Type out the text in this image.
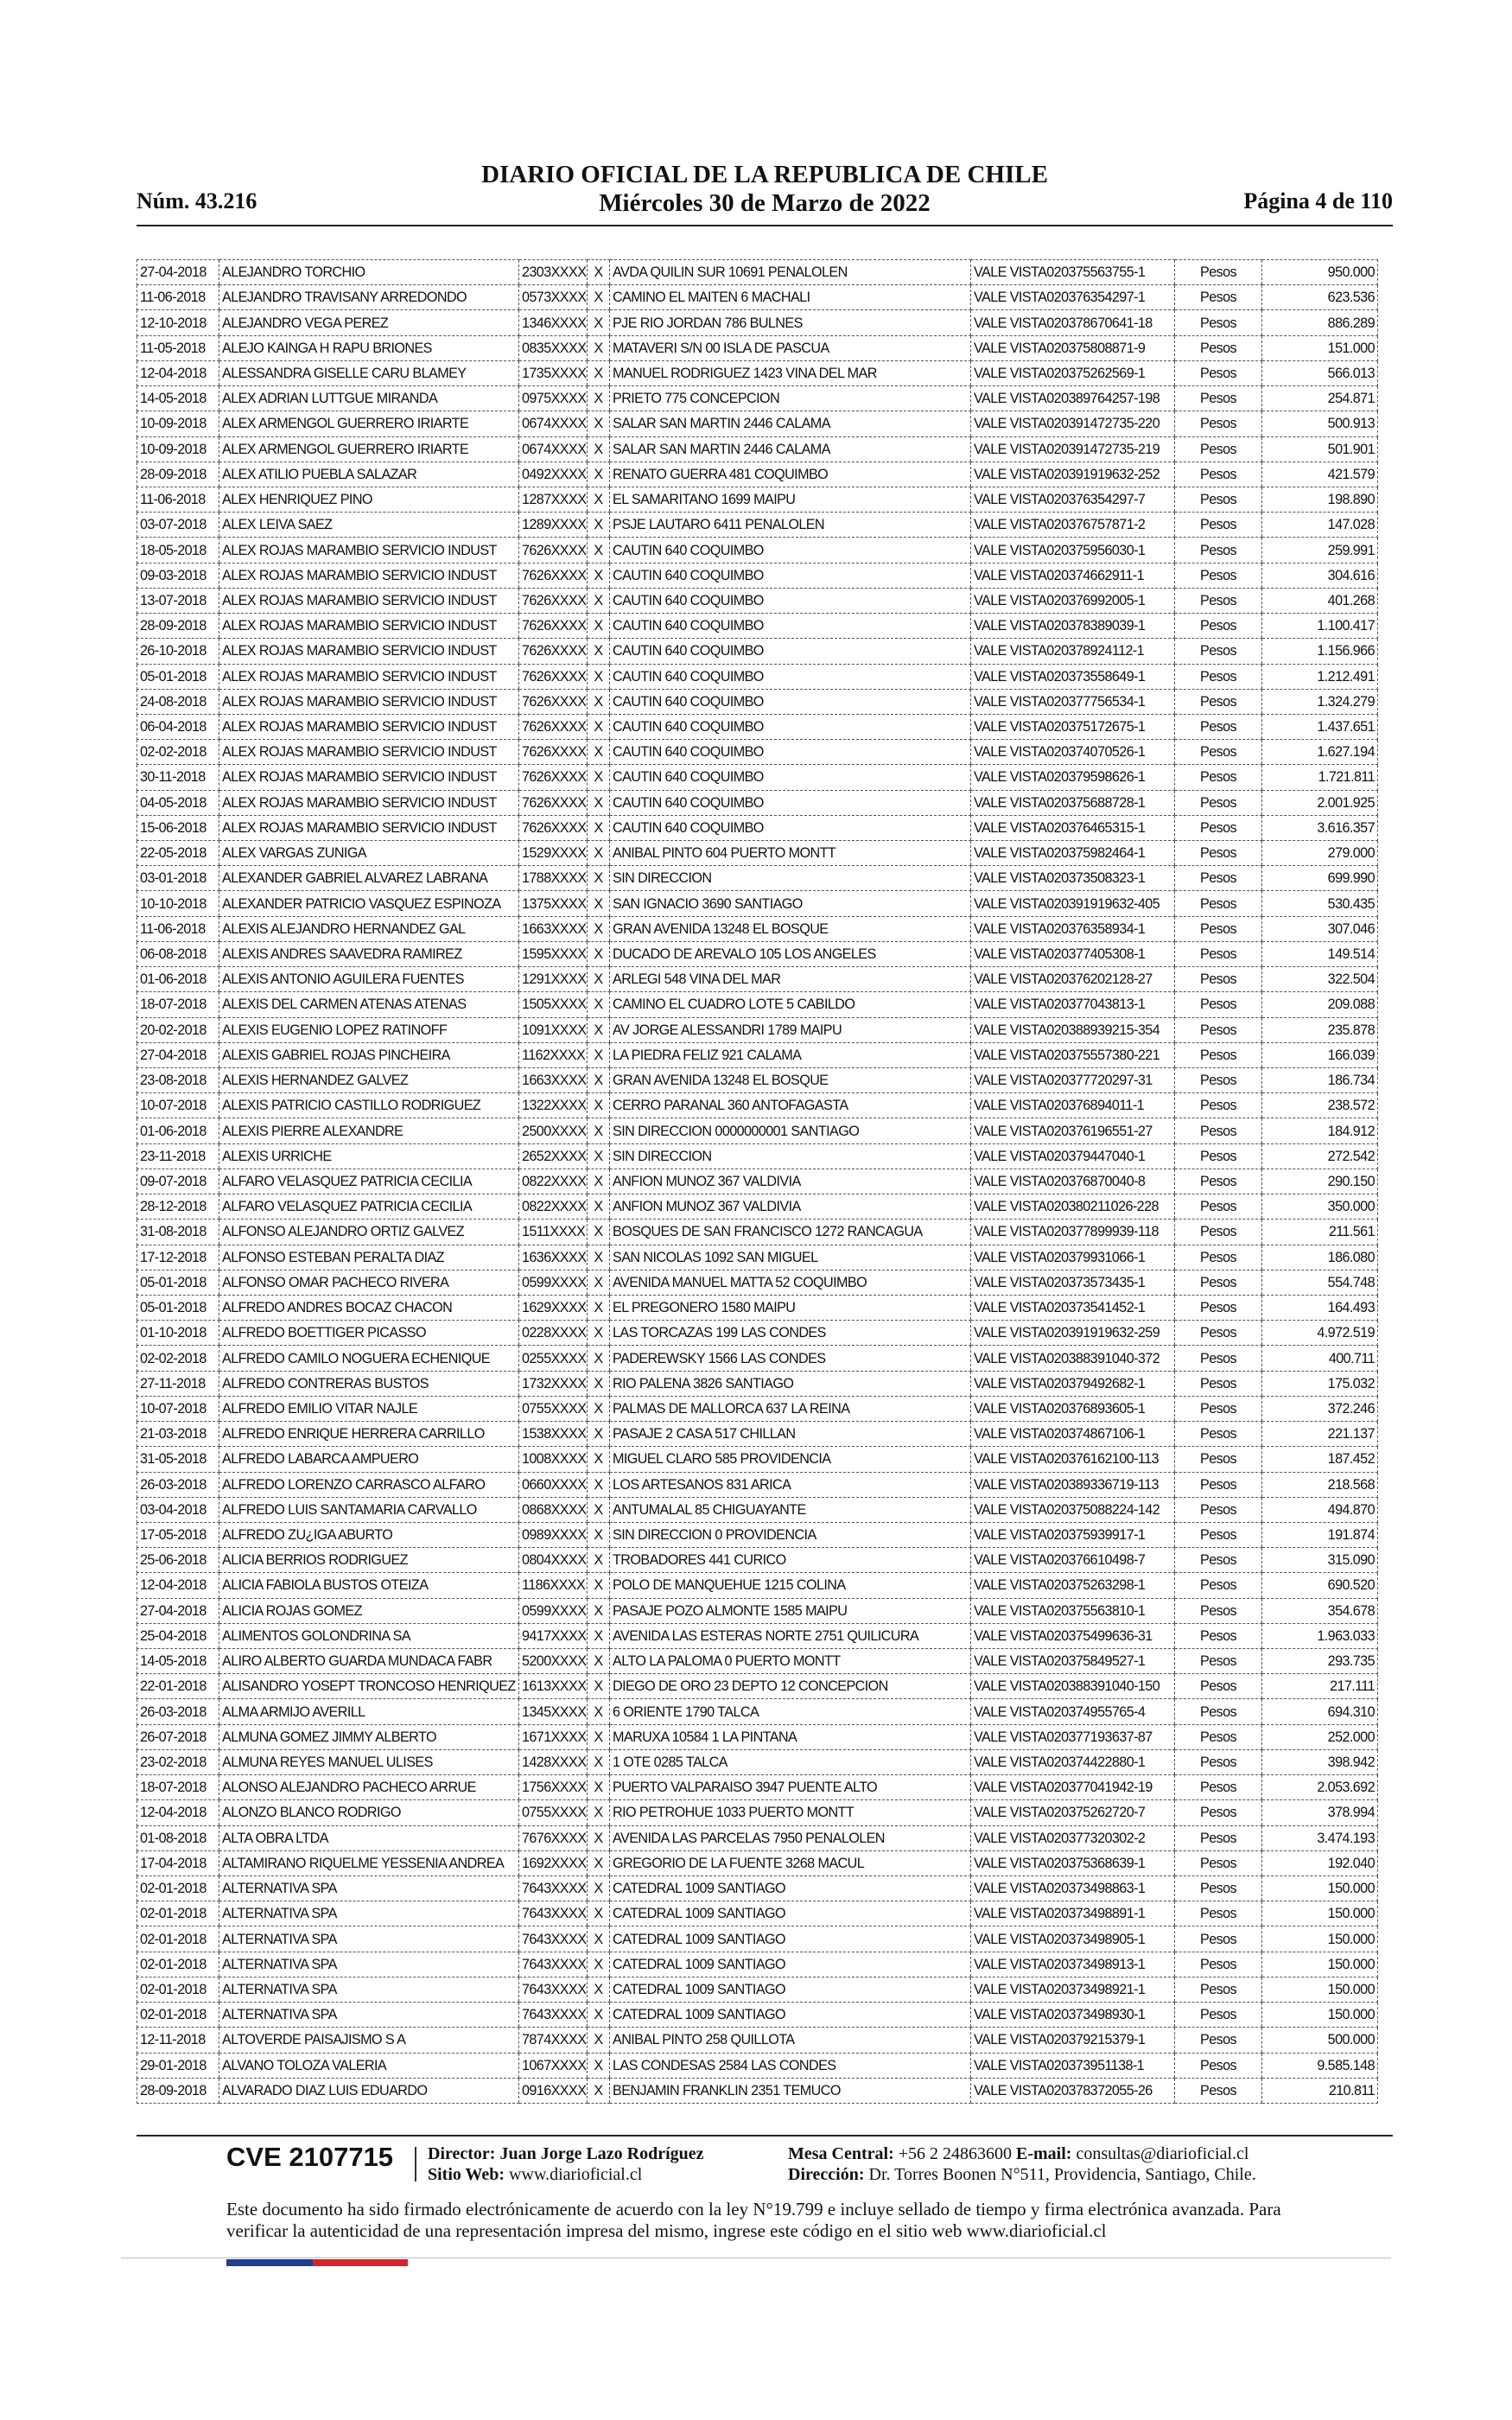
Núm. 43.216
DIARIO OFICIAL DE LA REPUBLICA DE CHILE
Miércoles 30 de Marzo de 2022	Página 4 de 110
27-04-2018	ALEJANDRO TORCHIO	2303XXXX	X	AVDA QUILIN SUR 10691 PENALOLEN	VALE VISTA020375563755-1	Pesos	950.000
11-06-2018	ALEJANDRO TRAVISANY ARREDONDO	0573XXXX	X	CAMINO EL MAITEN 6 MACHALI	VALE VISTA020376354297-1	Pesos	623.536
12-10-2018	ALEJANDRO VEGA PEREZ	1346XXXX	X	PJE RIO JORDAN 786 BULNES	VALE VISTA020378670641-18	Pesos	886.289
11-05-2018	ALEJO KAINGA H RAPU BRIONES	0835XXXX	X	MATAVERI S/N 00 ISLA DE PASCUA	VALE VISTA020375808871-9	Pesos	151.000
12-04-2018	ALESSANDRA GISELLE CARU BLAMEY	1735XXXX	X	MANUEL RODRIGUEZ 1423 VINA DEL MAR	VALE VISTA020375262569-1	Pesos	566.013
14-05-2018	ALEX ADRIAN LUTTGUE MIRANDA	0975XXXX	X	PRIETO 775 CONCEPCION	VALE VISTA020389764257-198	Pesos	254.871
10-09-2018	ALEX ARMENGOL GUERRERO IRIARTE	0674XXXX	X	SALAR SAN MARTIN 2446 CALAMA	VALE VISTA020391472735-220	Pesos	500.913
10-09-2018	ALEX ARMENGOL GUERRERO IRIARTE	0674XXXX	X	SALAR SAN MARTIN 2446 CALAMA	VALE VISTA020391472735-219	Pesos	501.901
28-09-2018	ALEX ATILIO PUEBLA SALAZAR	0492XXXX	X	RENATO GUERRA 481 COQUIMBO	VALE VISTA020391919632-252	Pesos	421.579
11-06-2018	ALEX HENRIQUEZ PINO	1287XXXX	X	EL SAMARITANO 1699 MAIPU	VALE VISTA020376354297-7	Pesos	198.890
03-07-2018	ALEX LEIVA SAEZ	1289XXXX	X	PSJE LAUTARO 6411 PENALOLEN	VALE VISTA020376757871-2	Pesos	147.028
18-05-2018	ALEX ROJAS MARAMBIO SERVICIO INDUST	7626XXXX	X	CAUTIN 640 COQUIMBO	VALE VISTA020375956030-1	Pesos	259.991
09-03-2018	ALEX ROJAS MARAMBIO SERVICIO INDUST	7626XXXX	X	CAUTIN 640 COQUIMBO	VALE VISTA020374662911-1	Pesos	304.616
13-07-2018	ALEX ROJAS MARAMBIO SERVICIO INDUST	7626XXXX	X	CAUTIN 640 COQUIMBO	VALE VISTA020376992005-1	Pesos	401.268
28-09-2018	ALEX ROJAS MARAMBIO SERVICIO INDUST	7626XXXX	X	CAUTIN 640 COQUIMBO	VALE VISTA020378389039-1	Pesos	1.100.417
26-10-2018	ALEX ROJAS MARAMBIO SERVICIO INDUST	7626XXXX	X	CAUTIN 640 COQUIMBO	VALE VISTA020378924112-1	Pesos	1.156.966
05-01-2018	ALEX ROJAS MARAMBIO SERVICIO INDUST	7626XXXX	X	CAUTIN 640 COQUIMBO	VALE VISTA020373558649-1	Pesos	1.212.491
24-08-2018	ALEX ROJAS MARAMBIO SERVICIO INDUST	7626XXXX	X	CAUTIN 640 COQUIMBO	VALE VISTA020377756534-1	Pesos	1.324.279
06-04-2018	ALEX ROJAS MARAMBIO SERVICIO INDUST	7626XXXX	X	CAUTIN 640 COQUIMBO	VALE VISTA020375172675-1	Pesos	1.437.651
02-02-2018	ALEX ROJAS MARAMBIO SERVICIO INDUST	7626XXXX	X	CAUTIN 640 COQUIMBO	VALE VISTA020374070526-1	Pesos	1.627.194
30-11-2018	ALEX ROJAS MARAMBIO SERVICIO INDUST	7626XXXX	X	CAUTIN 640 COQUIMBO	VALE VISTA020379598626-1	Pesos	1.721.811
04-05-2018	ALEX ROJAS MARAMBIO SERVICIO INDUST	7626XXXX	X	CAUTIN 640 COQUIMBO	VALE VISTA020375688728-1	Pesos	2.001.925
15-06-2018	ALEX ROJAS MARAMBIO SERVICIO INDUST	7626XXXX	X	CAUTIN 640 COQUIMBO	VALE VISTA020376465315-1	Pesos	3.616.357
22-05-2018	ALEX VARGAS ZUNIGA	1529XXXX	X	ANIBAL PINTO 604 PUERTO MONTT	VALE VISTA020375982464-1	Pesos	279.000
03-01-2018	ALEXANDER GABRIEL ALVAREZ LABRANA	1788XXXX	X	SIN DIRECCION	VALE VISTA020373508323-1	Pesos	699.990
10-10-2018	ALEXANDER PATRICIO VASQUEZ ESPINOZA	1375XXXX	X	SAN IGNACIO 3690 SANTIAGO	VALE VISTA020391919632-405	Pesos	530.435
11-06-2018	ALEXIS ALEJANDRO HERNANDEZ GAL	1663XXXX	X	GRAN AVENIDA 13248 EL BOSQUE	VALE VISTA020376358934-1	Pesos	307.046
06-08-2018	ALEXIS ANDRES SAAVEDRA RAMIREZ	1595XXXX	X	DUCADO DE AREVALO 105 LOS ANGELES	VALE VISTA020377405308-1	Pesos	149.514
01-06-2018	ALEXIS ANTONIO AGUILERA FUENTES	1291XXXX	X	ARLEGI 548 VINA DEL MAR	VALE VISTA020376202128-27	Pesos	322.504
18-07-2018	ALEXIS DEL CARMEN ATENAS ATENAS	1505XXXX	X	CAMINO EL CUADRO LOTE 5 CABILDO	VALE VISTA020377043813-1	Pesos	209.088
20-02-2018	ALEXIS EUGENIO LOPEZ RATINOFF	1091XXXX	X	AV JORGE ALESSANDRI 1789 MAIPU	VALE VISTA020388939215-354	Pesos	235.878
27-04-2018	ALEXIS GABRIEL ROJAS PINCHEIRA	1162XXXX	X	LA PIEDRA FELIZ 921 CALAMA	VALE VISTA020375557380-221	Pesos	166.039
23-08-2018	ALEXIS HERNANDEZ GALVEZ	1663XXXX	X	GRAN AVENIDA 13248 EL BOSQUE	VALE VISTA020377720297-31	Pesos	186.734
10-07-2018	ALEXIS PATRICIO CASTILLO RODRIGUEZ	1322XXXX	X	CERRO PARANAL 360 ANTOFAGASTA	VALE VISTA020376894011-1	Pesos	238.572
01-06-2018	ALEXIS PIERRE ALEXANDRE	2500XXXX	X	SIN DIRECCION 0000000001 SANTIAGO	VALE VISTA020376196551-27	Pesos	184.912
23-11-2018	ALEXIS URRICHE	2652XXXX	X	SIN DIRECCION	VALE VISTA020379447040-1	Pesos	272.542
09-07-2018	ALFARO VELASQUEZ PATRICIA CECILIA	0822XXXX	X	ANFION MUNOZ 367 VALDIVIA	VALE VISTA020376870040-8	Pesos	290.150
28-12-2018	ALFARO VELASQUEZ PATRICIA CECILIA	0822XXXX	X	ANFION MUNOZ 367 VALDIVIA	VALE VISTA020380211026-228	Pesos	350.000
31-08-2018	ALFONSO ALEJANDRO ORTIZ GALVEZ	1511XXXX	X	BOSQUES DE SAN FRANCISCO 1272 RANCAGUA	VALE VISTA020377899939-118	Pesos	211.561
17-12-2018	ALFONSO ESTEBAN PERALTA DIAZ	1636XXXX	X	SAN NICOLAS 1092 SAN MIGUEL	VALE VISTA020379931066-1	Pesos	186.080
05-01-2018	ALFONSO OMAR PACHECO RIVERA	0599XXXX	X	AVENIDA MANUEL MATTA 52 COQUIMBO	VALE VISTA020373573435-1	Pesos	554.748
05-01-2018	ALFREDO ANDRES BOCAZ CHACON	1629XXXX	X	EL PREGONERO 1580 MAIPU	VALE VISTA020373541452-1	Pesos	164.493
01-10-2018	ALFREDO BOETTIGER PICASSO	0228XXXX	X	LAS TORCAZAS 199 LAS CONDES	VALE VISTA020391919632-259	Pesos	4.972.519
02-02-2018	ALFREDO CAMILO NOGUERA ECHENIQUE	0255XXXX	X	PADEREWSKY 1566 LAS CONDES	VALE VISTA020388391040-372	Pesos	400.711
27-11-2018	ALFREDO CONTRERAS BUSTOS	1732XXXX	X	RIO PALENA 3826 SANTIAGO	VALE VISTA020379492682-1	Pesos	175.032
10-07-2018	ALFREDO EMILIO VITAR NAJLE	0755XXXX	X	PALMAS DE MALLORCA 637 LA REINA	VALE VISTA020376893605-1	Pesos	372.246
21-03-2018	ALFREDO ENRIQUE HERRERA CARRILLO	1538XXXX	X	PASAJE 2 CASA 517 CHILLAN	VALE VISTA020374867106-1	Pesos	221.137
31-05-2018	ALFREDO LABARCA AMPUERO	1008XXXX	X	MIGUEL CLARO 585 PROVIDENCIA	VALE VISTA020376162100-113	Pesos	187.452
26-03-2018	ALFREDO LORENZO CARRASCO ALFARO	0660XXXX	X	LOS ARTESANOS 831 ARICA	VALE VISTA020389336719-113	Pesos	218.568
03-04-2018	ALFREDO LUIS SANTAMARIA CARVALLO	0868XXXX	X	ANTUMALAL 85 CHIGUAYANTE	VALE VISTA020375088224-142	Pesos	494.870
17-05-2018	ALFREDO ZU¿IGA ABURTO	0989XXXX	X	SIN DIRECCION 0 PROVIDENCIA	VALE VISTA020375939917-1	Pesos	191.874
25-06-2018	ALICIA BERRIOS RODRIGUEZ	0804XXXX	X	TROBADORES 441 CURICO	VALE VISTA020376610498-7	Pesos	315.090
12-04-2018	ALICIA FABIOLA BUSTOS OTEIZA	1186XXXX	X	POLO DE MANQUEHUE 1215 COLINA	VALE VISTA020375263298-1	Pesos	690.520
27-04-2018	ALICIA ROJAS GOMEZ	0599XXXX	X	PASAJE POZO ALMONTE 1585 MAIPU	VALE VISTA020375563810-1	Pesos	354.678
25-04-2018	ALIMENTOS GOLONDRINA SA	9417XXXX	X	AVENIDA LAS ESTERAS NORTE 2751 QUILICURA	VALE VISTA020375499636-31	Pesos	1.963.033
14-05-2018	ALIRO ALBERTO GUARDA MUNDACA FABR	5200XXXX	X	ALTO LA PALOMA 0 PUERTO MONTT	VALE VISTA020375849527-1	Pesos	293.735
22-01-2018	ALISANDRO YOSEPT TRONCOSO HENRIQUEZ	1613XXXX	X	DIEGO DE ORO 23 DEPTO 12 CONCEPCION	VALE VISTA020388391040-150	Pesos	217.111
26-03-2018	ALMA ARMIJO AVERILL	1345XXXX	X	6 ORIENTE 1790 TALCA	VALE VISTA020374955765-4	Pesos	694.310
26-07-2018	ALMUNA GOMEZ JIMMY ALBERTO	1671XXXX	X	MARUXA 10584 1 LA PINTANA	VALE VISTA020377193637-87	Pesos	252.000
23-02-2018	ALMUNA REYES MANUEL ULISES	1428XXXX	X	1 OTE 0285 TALCA	VALE VISTA020374422880-1	Pesos	398.942
18-07-2018	ALONSO ALEJANDRO PACHECO ARRUE	1756XXXX	X	PUERTO VALPARAISO 3947 PUENTE ALTO	VALE VISTA020377041942-19	Pesos	2.053.692
12-04-2018	ALONZO BLANCO RODRIGO	0755XXXX	X	RIO PETROHUE 1033 PUERTO MONTT	VALE VISTA020375262720-7	Pesos	378.994
01-08-2018	ALTA OBRA LTDA	7676XXXX	X	AVENIDA LAS PARCELAS 7950 PENALOLEN	VALE VISTA020377320302-2	Pesos	3.474.193
17-04-2018	ALTAMIRANO RIQUELME YESSENIA ANDREA	1692XXXX	X	GREGORIO DE LA FUENTE 3268 MACUL	VALE VISTA020375368639-1	Pesos	192.040
02-01-2018	ALTERNATIVA SPA	7643XXXX	X	CATEDRAL 1009 SANTIAGO	VALE VISTA020373498863-1	Pesos	150.000
02-01-2018	ALTERNATIVA SPA	7643XXXX	X	CATEDRAL 1009 SANTIAGO	VALE VISTA020373498891-1	Pesos	150.000
02-01-2018	ALTERNATIVA SPA	7643XXXX	X	CATEDRAL 1009 SANTIAGO	VALE VISTA020373498905-1	Pesos	150.000
02-01-2018	ALTERNATIVA SPA	7643XXXX	X	CATEDRAL 1009 SANTIAGO	VALE VISTA020373498913-1	Pesos	150.000
02-01-2018	ALTERNATIVA SPA	7643XXXX	X	CATEDRAL 1009 SANTIAGO	VALE VISTA020373498921-1	Pesos	150.000
02-01-2018	ALTERNATIVA SPA	7643XXXX	X	CATEDRAL 1009 SANTIAGO	VALE VISTA020373498930-1	Pesos	150.000
12-11-2018	ALTOVERDE PAISAJISMO S A	7874XXXX	X	ANIBAL PINTO 258 QUILLOTA	VALE VISTA020379215379-1	Pesos	500.000
29-01-2018	ALVANO TOLOZA VALERIA	1067XXXX	X	LAS CONDESAS 2584 LAS CONDES	VALE VISTA020373951138-1	Pesos	9.585.148
28-09-2018	ALVARADO DIAZ LUIS EDUARDO	0916XXXX	X	BENJAMIN FRANKLIN 2351 TEMUCO	VALE VISTA020378372055-26	Pesos	210.811
CVE 2107715 Director: Juan Jorge Lazo Rodríguez
Sitio Web: www.diarioficial.cl
Mesa Central: +56 2 24863600 E-mail: consultas@diarioficial.cl
Dirección: Dr. Torres Boonen N°511, Providencia, Santiago, Chile.
Este documento ha sido firmado electrónicamente de acuerdo con la ley N°19.799 e incluye sellado de tiempo y firma electrónica avanzada. Para verificar la autenticidad de una representación impresa del mismo, ingrese este código en el sitio web www.diarioficial.cl
